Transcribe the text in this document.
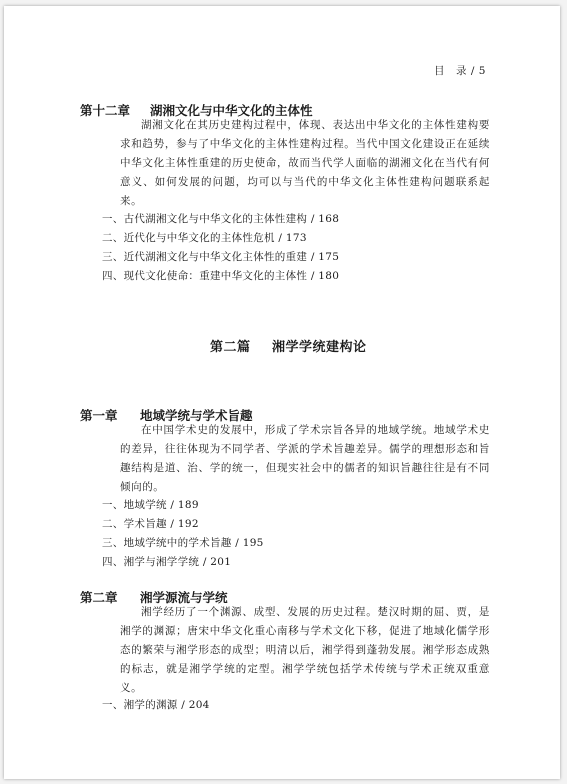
目　录 / 5
第十二章 湖湘文化与中华文化的主体性

湖湘文化在其历史建构过程中，体现、表达出中华文化的主体性建构要求和趋势，参与了中华文化的主体性建构过程。当代中国文化建设正在延续中华文化主体性重建的历史使命，故而当代学人面临的湖湘文化在当代有何意义、如何发展的问题，均可以与当代的中华文化主体性建构问题联系起来。

一、古代湖湘文化与中华文化的主体性建构 / 168
二、近代化与中华文化的主体性危机 / 173
三、近代湖湘文化与中华文化主体性的重建 / 175
四、现代文化使命：重建中华文化的主体性 / 180
第二篇 湘学学统建构论
第一章 地域学统与学术旨趣

在中国学术史的发展中，形成了学术宗旨各异的地域学统。地域学术史的差异，往往体现为不同学者、学派的学术旨趣差异。儒学的理想形态和旨趣结构是道、治、学的统一，但现实社会中的儒者的知识旨趣往往是有不同倾向的。

一、地域学统 / 189
二、学术旨趣 / 192
三、地域学统中的学术旨趣 / 195
四、湘学与湘学学统 / 201
第二章 湘学源流与学统

湘学经历了一个渊源、成型、发展的历史过程。楚汉时期的屈、贾，是湘学的渊源；唐宋中华文化重心南移与学术文化下移，促进了地域化儒学形态的繁荣与湘学形态的成型；明清以后，湘学得到蓬勃发展。湘学形态成熟的标志，就是湘学学统的定型。湘学学统包括学术传统与学术正统双重意义。

一、湘学的渊源 / 204
